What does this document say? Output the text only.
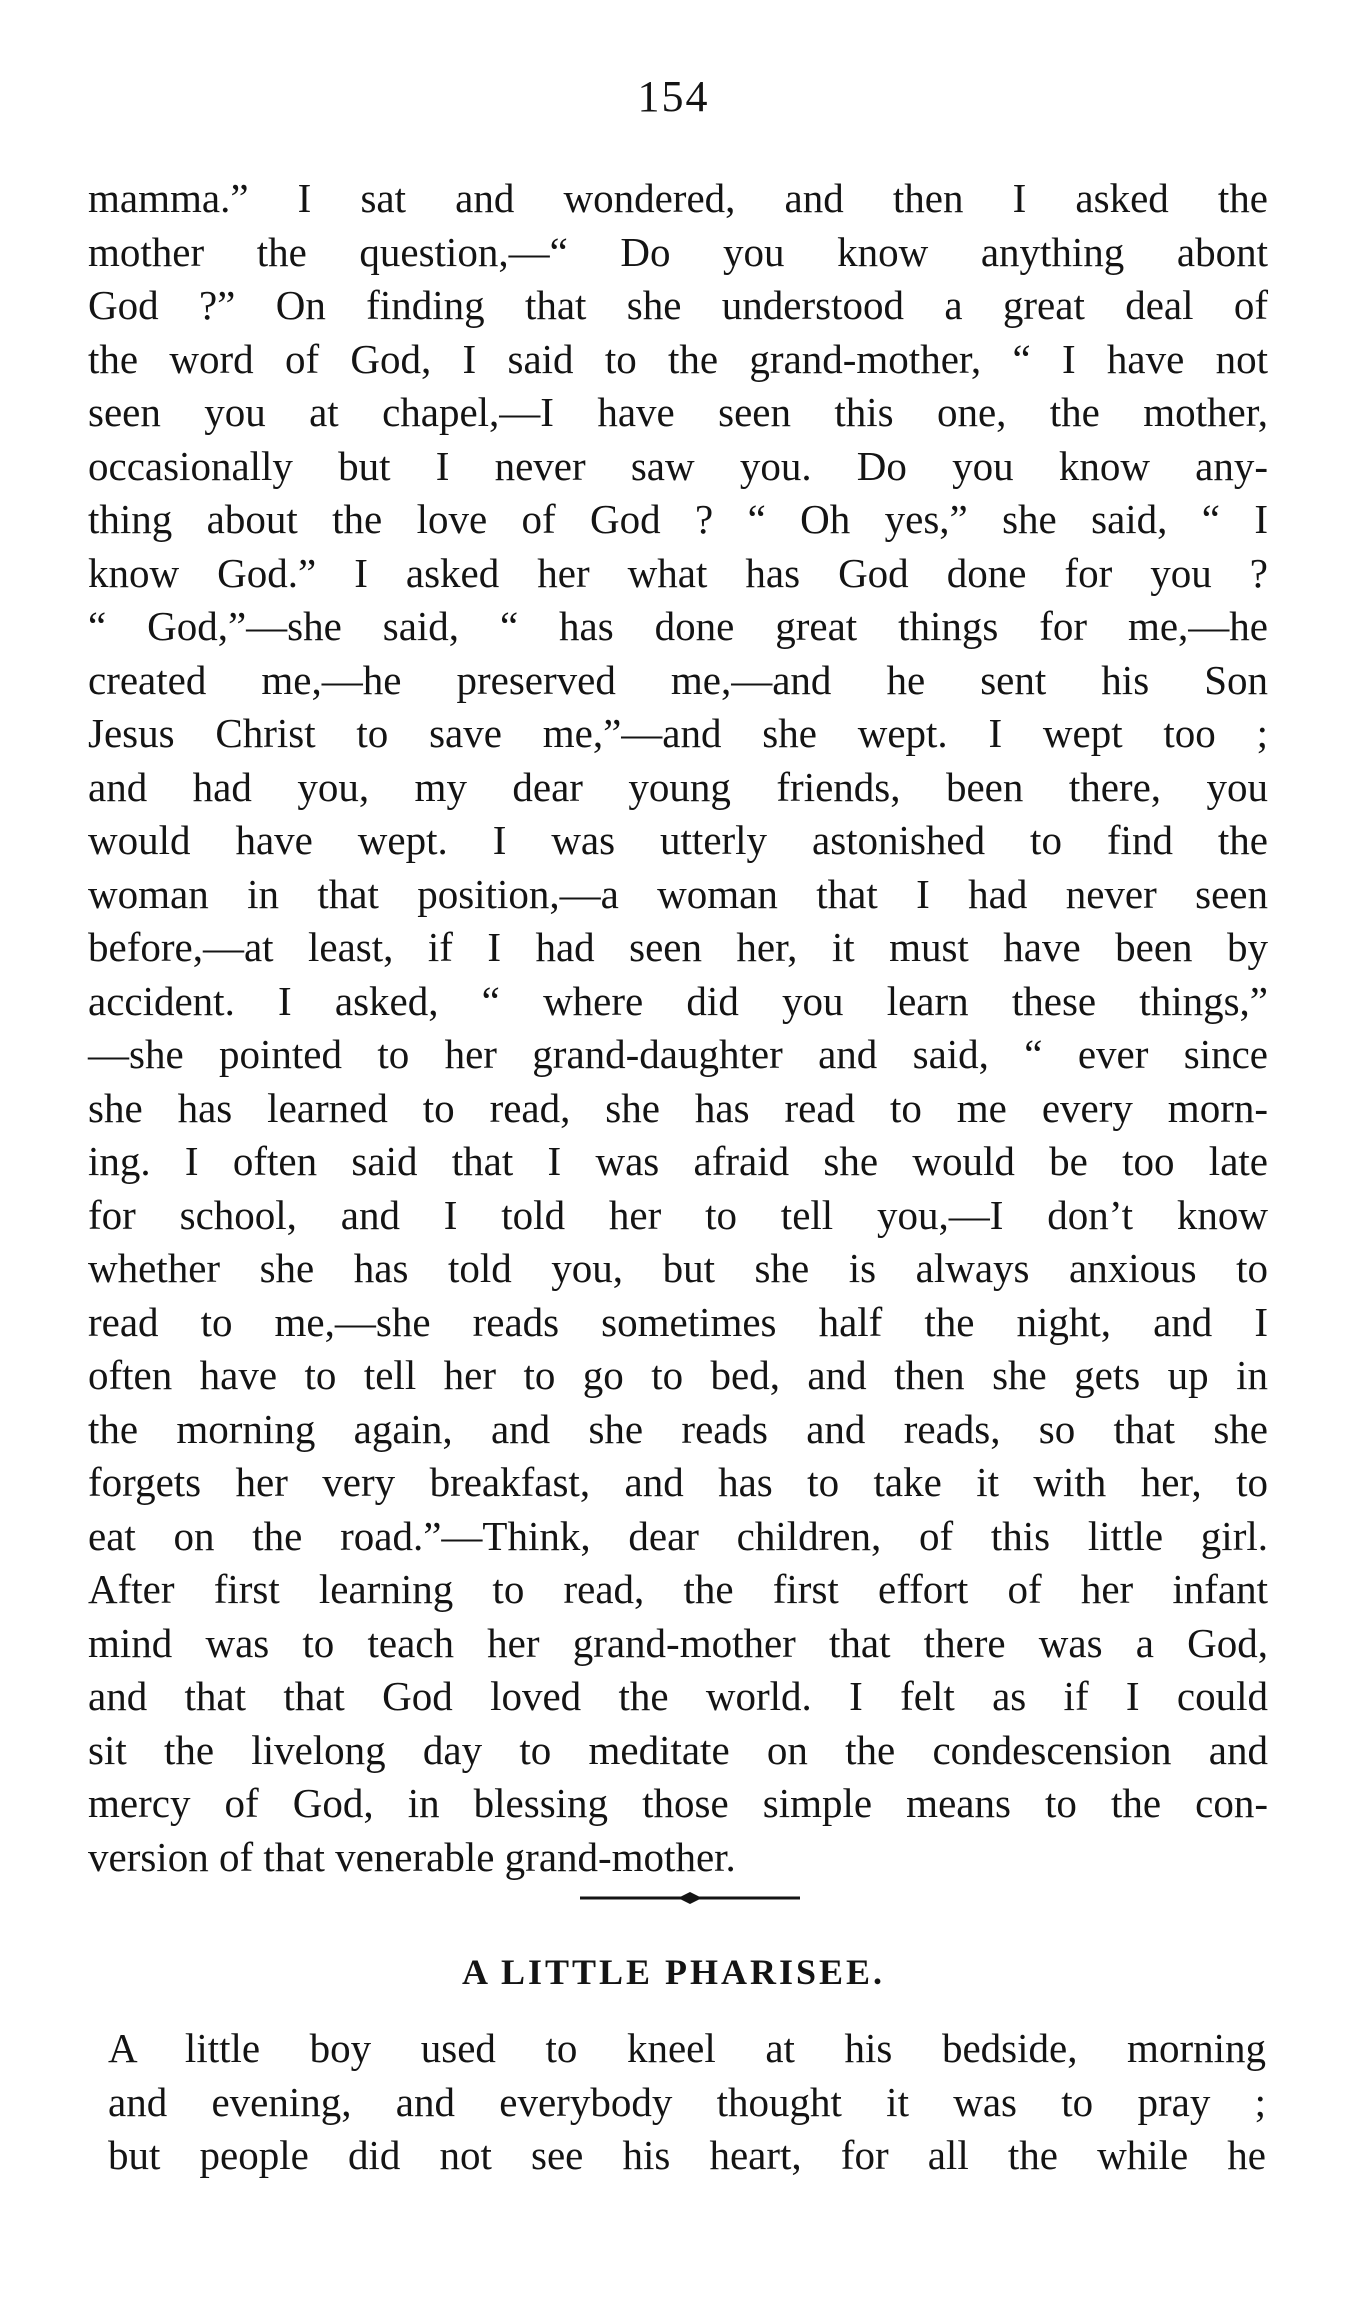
154
mamma.” I sat and wondered, and then I asked the
mother the question,—“ Do you know anything abont
God ?” On finding that she understood a great deal of
the word of God, I said to the grand-mother, “ I have not
seen you at chapel,—I have seen this one, the mother,
occasionally but I never saw you. Do you know any-
thing about the love of God ? “ Oh yes,” she said, “ I
know God.” I asked her what has God done for you ?
“ God,”—she said, “ has done great things for me,—he
created me,—he preserved me,—and he sent his Son
Jesus Christ to save me,”—and she wept. I wept too ;
and had you, my dear young friends, been there, you
would have wept. I was utterly astonished to find the
woman in that position,—a woman that I had never seen
before,—at least, if I had seen her, it must have been by
accident. I asked, “ where did you learn these things,”
—she pointed to her grand-daughter and said, “ ever since
she has learned to read, she has read to me every morn-
ing. I often said that I was afraid she would be too late
for school, and I told her to tell you,—I don’t know
whether she has told you, but she is always anxious to
read to me,—she reads sometimes half the night, and I
often have to tell her to go to bed, and then she gets up in
the morning again, and she reads and reads, so that she
forgets her very breakfast, and has to take it with her, to
eat on the road.”—Think, dear children, of this little girl.
After first learning to read, the first effort of her infant
mind was to teach her grand-mother that there was a God,
and that that God loved the world. I felt as if I could
sit the livelong day to meditate on the condescension and
mercy of God, in blessing those simple means to the con-
version of that venerable grand-mother.
A LITTLE PHARISEE.
A little boy used to kneel at his bedside, morning
and evening, and everybody thought it was to pray ;
but people did not see his heart, for all the while he
